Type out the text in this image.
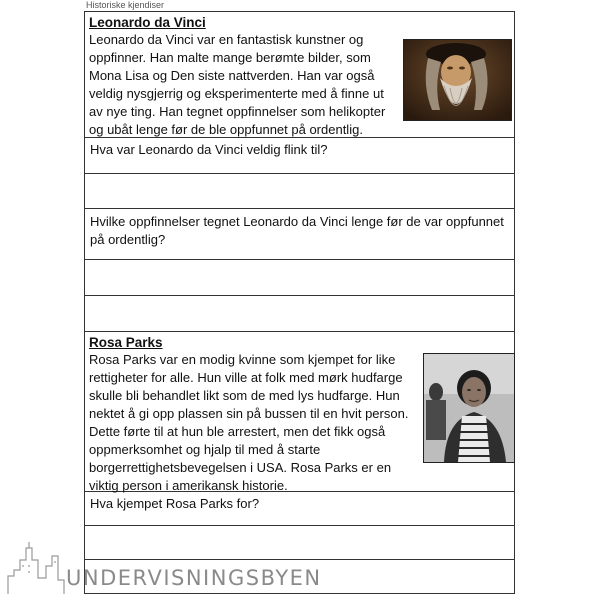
Historiske kjendiser
Leonardo da Vinci
Leonardo da Vinci var en fantastisk kunstner og
oppfinner. Han malte mange berømte bilder, som
Mona Lisa og Den siste nattverden. Han var også
veldig nysgjerrig og eksperimenterte med å finne ut
av nye ting. Han tegnet oppfinnelser som helikopter
og ubåt lenge før de ble oppfunnet på ordentlig.

Hva var Leonardo da Vinci veldig flink til?

Hvilke oppfinnelser tegnet Leonardo da Vinci lenge før de var oppfunnet
på ordentlig?

Rosa Parks
Rosa Parks var en modig kvinne som kjempet for like
rettigheter for alle. Hun ville at folk med mørk hudfarge
skulle bli behandlet likt som de med lys hudfarge. Hun
nektet å gi opp plassen sin på bussen til en hvit person.
Dette førte til at hun ble arrestert, men det fikk også
oppmerksomhet og hjalp til med å starte
borgerrettighetsbevegelsen i USA. Rosa Parks er en
viktig person i amerikansk historie.

Hva kjempet Rosa Parks for?

UNDERVISNINGSBYEN
